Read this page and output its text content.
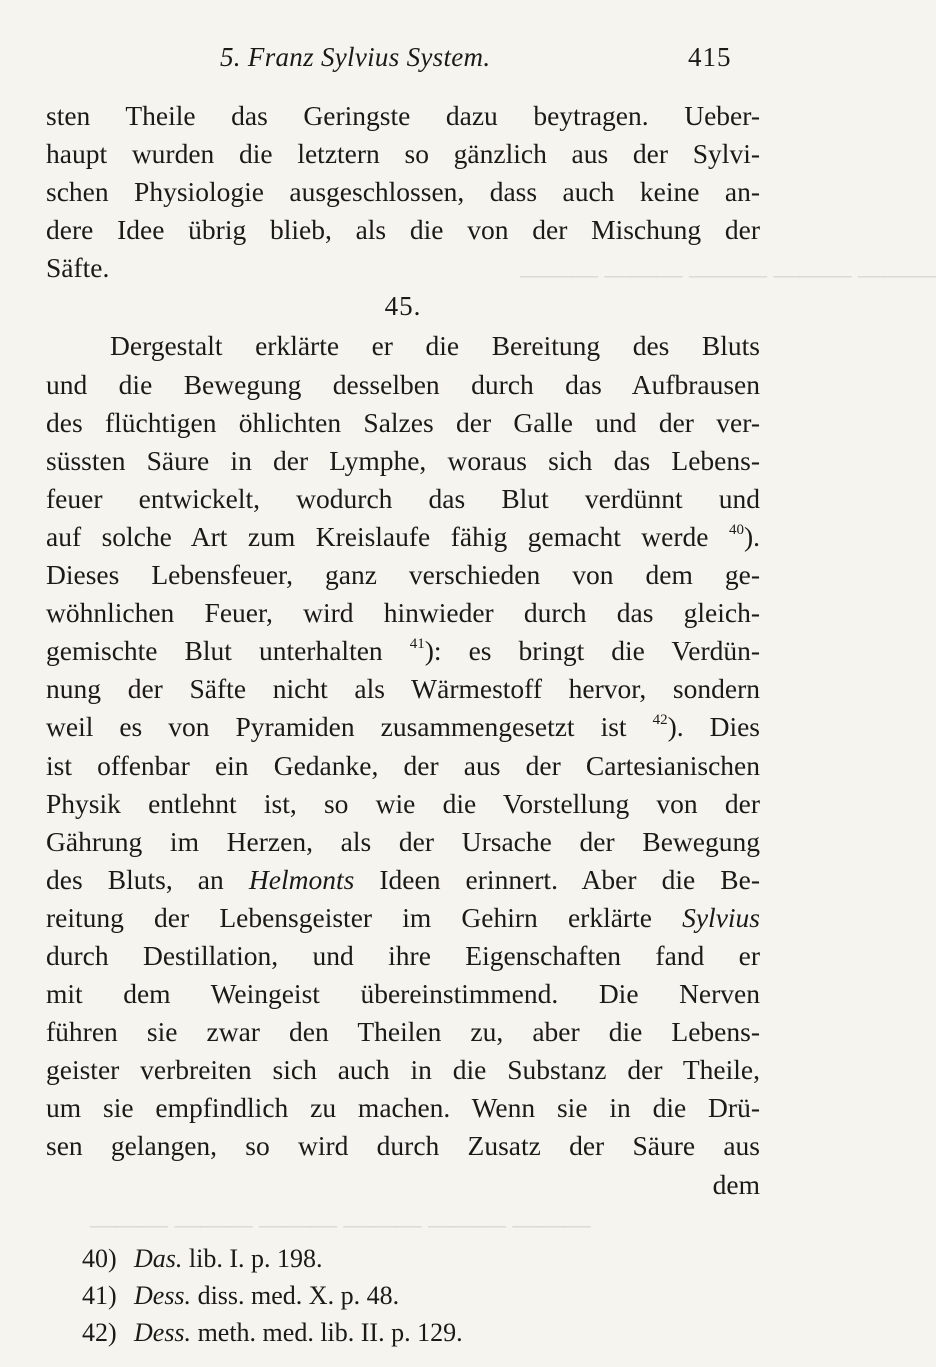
——— ——— ——— ——— ———
——— ——— ——— ——— ——— ———
5. Franz Sylvius System.	415
sten Theile das Geringste dazu beytragen. Ueber-
haupt wurden die letztern so gänzlich aus der Sylvi-
schen Physiologie ausgeschlossen, dass auch keine an-
dere Idee übrig blieb, als die von der Mischung der
Säfte.
45.
Dergestalt erklärte er die Bereitung des Bluts
und die Bewegung desselben durch das Aufbrausen
des flüchtigen öhlichten Salzes der Galle und der ver-
süssten Säure in der Lymphe, woraus sich das Lebens-
feuer entwickelt, wodurch das Blut verdünnt und
auf solche Art zum Kreislaufe fähig gemacht werde $^{40}$).
Dieses Lebensfeuer, ganz verschieden von dem ge-
wöhnlichen Feuer, wird hinwieder durch das gleich-
gemischte Blut unterhalten $^{41}$): es bringt die Verdün-
nung der Säfte nicht als Wärmestoff hervor, sondern
weil es von Pyramiden zusammengesetzt ist $^{42}$). Dies
ist offenbar ein Gedanke, der aus der Cartesianischen
Physik entlehnt ist, so wie die Vorstellung von der
Gährung im Herzen, als der Ursache der Bewegung
des Bluts, an Helmonts Ideen erinnert. Aber die Be-
reitung der Lebensgeister im Gehirn erklärte Sylvius
durch Destillation, und ihre Eigenschaften fand er
mit dem Weingeist übereinstimmend. Die Nerven
führen sie zwar den Theilen zu, aber die Lebens-
geister verbreiten sich auch in die Substanz der Theile,
um sie empfindlich zu machen. Wenn sie in die Drü-
sen gelangen, so wird durch Zusatz der Säure aus
dem
40) Das. lib. I. p. 198.
41) Dess. diss. med. X. p. 48.
42) Dess. meth. med. lib. II. p. 129.
